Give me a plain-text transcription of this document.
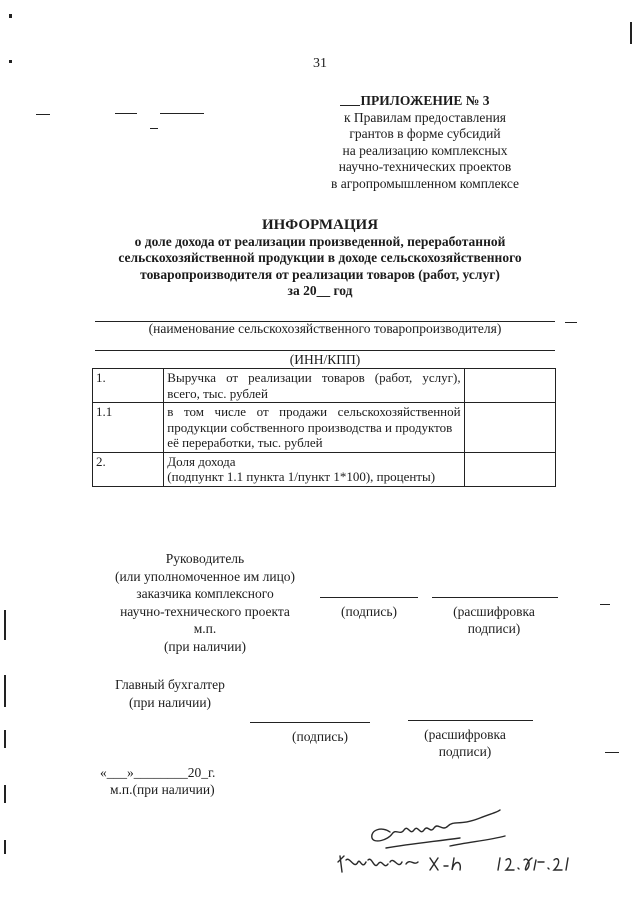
31
ПРИЛОЖЕНИЕ № 3
к Правилам предоставления
грантов в форме субсидий
на реализацию комплексных
научно-технических проектов
в агропромышленном комплексе
ИНФОРМАЦИЯ
о доле дохода от реализации произведенной, переработанной
сельскохозяйственной продукции в доходе сельскохозяйственного
товаропроизводителя от реализации товаров (работ, услуг)
за 20__ год
(наименование сельскохозяйственного товаропроизводителя)
(ИНН/КПП)
1.	Выручка от реализации товаров (работ, услуг), всего, тыс. рублей	
1.1	в том числе от продажи сельскохозяйственной продукции собственного производства и продуктов
её переработки, тыс. рублей	

2.	Доля дохода
(подпункт 1.1 пункта 1/пункт 1*100), проценты)	

Руководитель
(или уполномоченное им лицо)
заказчика комплексного
научно-технического проекта
м.п.
(при наличии)
(подпись)	(расшифровка подписи)
Главный бухгалтер
(при наличии)
(подпись)	(расшифровка подписи)
«___»________20_г.
м.п.(при наличии)
